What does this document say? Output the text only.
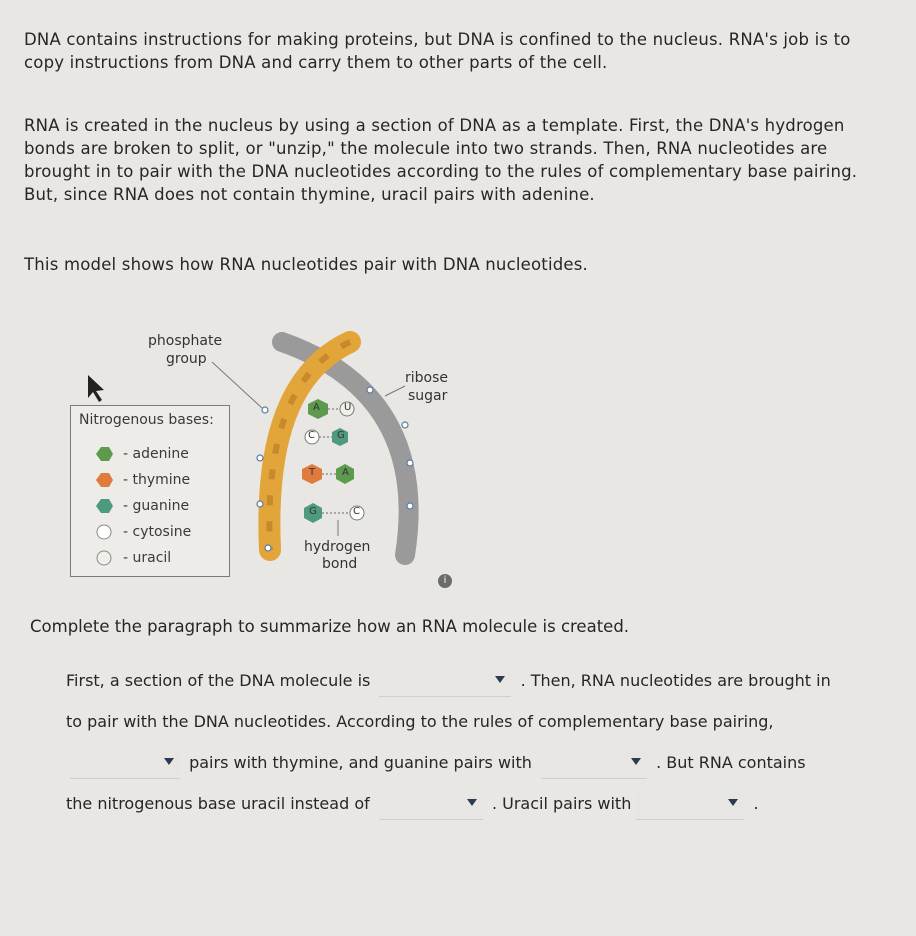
DNA contains instructions for making proteins, but DNA is confined to the nucleus. RNA's job is to copy instructions from DNA and carry them to other parts of the cell.
RNA is created in the nucleus by using a section of DNA as a template. First, the DNA's hydrogen bonds are broken to split, or "unzip," the molecule into two strands. Then, RNA nucleotides are brought in to pair with the DNA nucleotides according to the rules of complementary base pairing. But, since RNA does not contain thymine, uracil pairs with adenine.
This model shows how RNA nucleotides pair with DNA nucleotides.
A U
C G
T	A
G	C
phosphate
group
ribose
sugar
hydrogen
bond
Nitrogenous bases:
- adenine
- thymine
- guanine
- cytosine
- uracil
i
Complete the paragraph to summarize how an RNA molecule is created.
First, a section of the DNA molecule is	. Then, RNA nucleotides are brought in to pair with the DNA nucleotides. According to the rules of complementary base pairing,
pairs with thymine, and guanine pairs with	. But RNA contains the nitrogenous base uracil instead of	. Uracil pairs with	.
